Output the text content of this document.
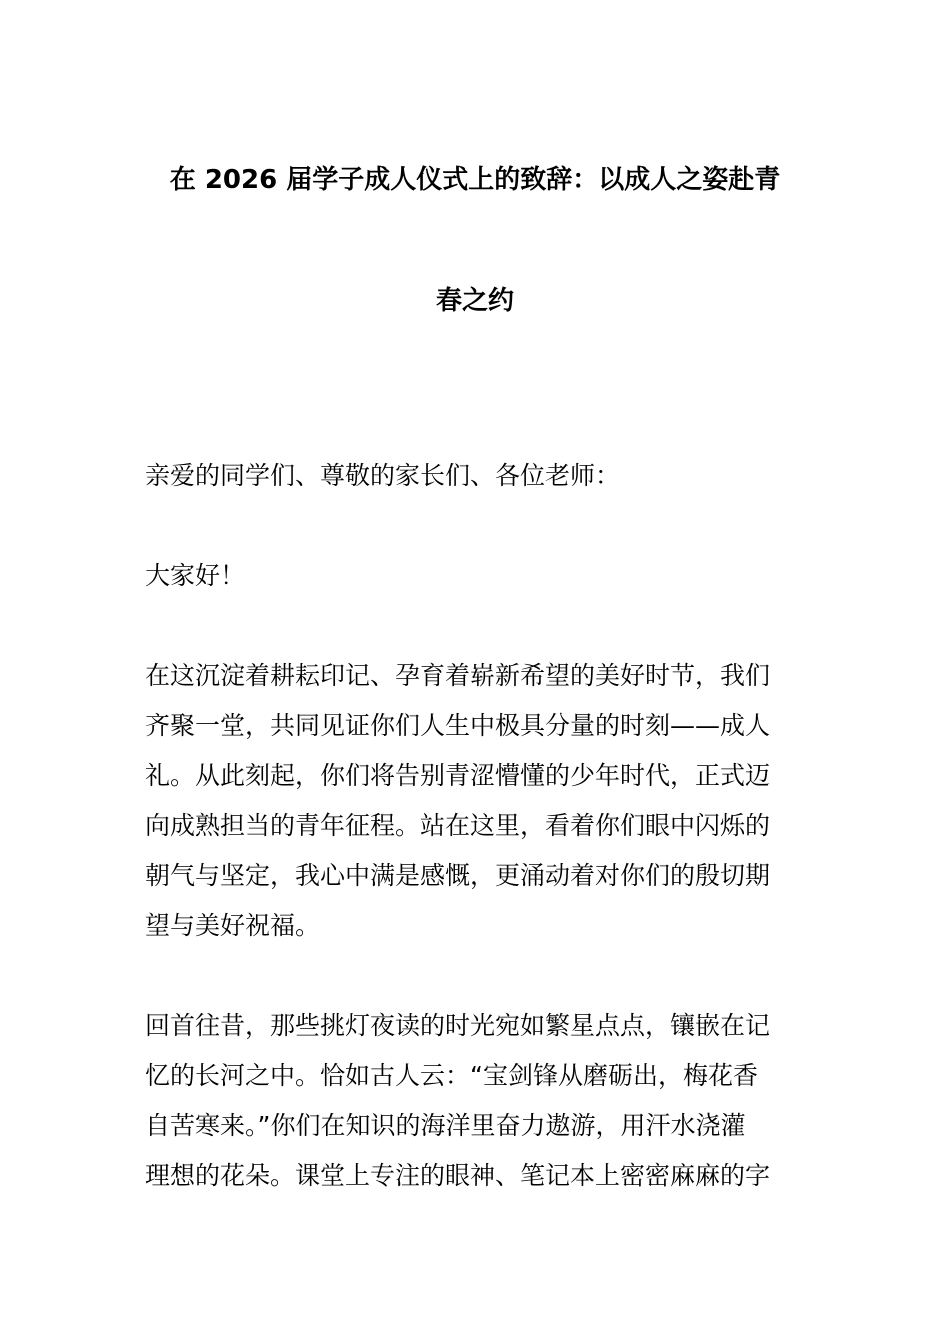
在 2026 届学子成人仪式上的致辞：以成人之姿赴青
春之约

亲爱的同学们、尊敬的家长们、各位老师：

大家好！

在这沉淀着耕耘印记、孕育着崭新希望的美好时节，我们
齐聚一堂，共同见证你们人生中极具分量的时刻——成人
礼。从此刻起，你们将告别青涩懵懂的少年时代，正式迈
向成熟担当的青年征程。站在这里，看着你们眼中闪烁的
朝气与坚定，我心中满是感慨，更涌动着对你们的殷切期
望与美好祝福。

回首往昔，那些挑灯夜读的时光宛如繁星点点，镶嵌在记
忆的长河之中。恰如古人云：“宝剑锋从磨砺出，梅花香
自苦寒来。”你们在知识的海洋里奋力遨游，用汗水浇灌
理想的花朵。课堂上专注的眼神、笔记本上密密麻麻的字
